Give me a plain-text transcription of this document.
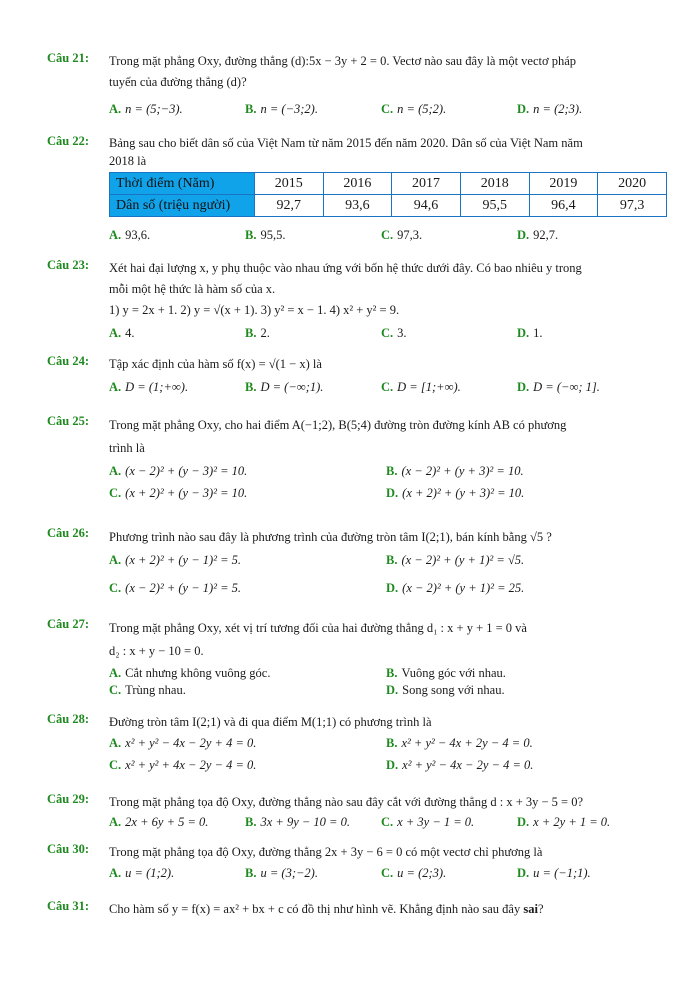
Câu 21: Trong mặt phẳng Oxy, đường thẳng (d):5x − 3y + 2 = 0. Vectơ nào sau đây là một vectơ pháp
tuyến của đường thẳng (d)?
A. n = (5;−3).	B. n = (−3;2).	C. n = (5;2).	D. n = (2;3).
Câu 22: Bảng sau cho biết dân số của Việt Nam từ năm 2015 đến năm 2020. Dân số của Việt Nam năm
2018 là
Thời điểm (Năm)	2015	2016	2017	2018	2019	2020
Dân số (triệu người)	92,7	93,6	94,6	95,5	96,4	97,3
A. 93,6.	B. 95,5.	C. 97,3.	D. 92,7.
Câu 23: Xét hai đại lượng x, y phụ thuộc vào nhau ứng với bốn hệ thức dưới đây. Có bao nhiêu y trong
mỗi một hệ thức là hàm số của x.
1) y = 2x + 1. 2) y = √(x + 1). 3) y² = x − 1. 4) x² + y² = 9.
A. 4.	B. 2.	C. 3.	D. 1.
Câu 24: Tập xác định của hàm số f(x) = √(1 − x) là
A. D = (1;+∞).	B. D = (−∞;1).	C. D = [1;+∞).	D. D = (−∞; 1].
Câu 25: Trong mặt phẳng Oxy, cho hai điểm A(−1;2), B(5;4) đường tròn đường kính AB có phương
trình là
A. (x − 2)² + (y − 3)² = 10.	B. (x − 2)² + (y + 3)² = 10.
C. (x + 2)² + (y − 3)² = 10.	D. (x + 2)² + (y + 3)² = 10.
Câu 26: Phương trình nào sau đây là phương trình của đường tròn tâm I(2;1), bán kính bằng √5 ?
A. (x + 2)² + (y − 1)² = 5.	B. (x − 2)² + (y + 1)² = √5.
C. (x − 2)² + (y − 1)² = 5.	D. (x − 2)² + (y + 1)² = 25.
Câu 27: Trong mặt phẳng Oxy, xét vị trí tương đối của hai đường thẳng d₁ : x + y + 1 = 0 và
d₂ : x + y − 10 = 0.
A. Cắt nhưng không vuông góc.	B. Vuông góc với nhau.
C. Trùng nhau.	D. Song song với nhau.
Câu 28: Đường tròn tâm I(2;1) và đi qua điểm M(1;1) có phương trình là
A. x² + y² − 4x − 2y + 4 = 0.	B. x² + y² − 4x + 2y − 4 = 0.
C. x² + y² + 4x − 2y − 4 = 0.	D. x² + y² − 4x − 2y − 4 = 0.
Câu 29: Trong mặt phẳng tọa độ Oxy, đường thẳng nào sau đây cắt với đường thẳng d : x + 3y − 5 = 0?
A. 2x + 6y + 5 = 0.	B. 3x + 9y − 10 = 0.	C. x + 3y − 1 = 0.	D. x + 2y + 1 = 0.
Câu 30: Trong mặt phẳng tọa độ Oxy, đường thẳng 2x + 3y − 6 = 0 có một vectơ chỉ phương là
A. u = (1;2).	B. u = (3;−2).	C. u = (2;3).	D. u = (−1;1).
Câu 31: Cho hàm số y = f(x) = ax² + bx + c có đồ thị như hình vẽ. Khẳng định nào sau đây sai?
